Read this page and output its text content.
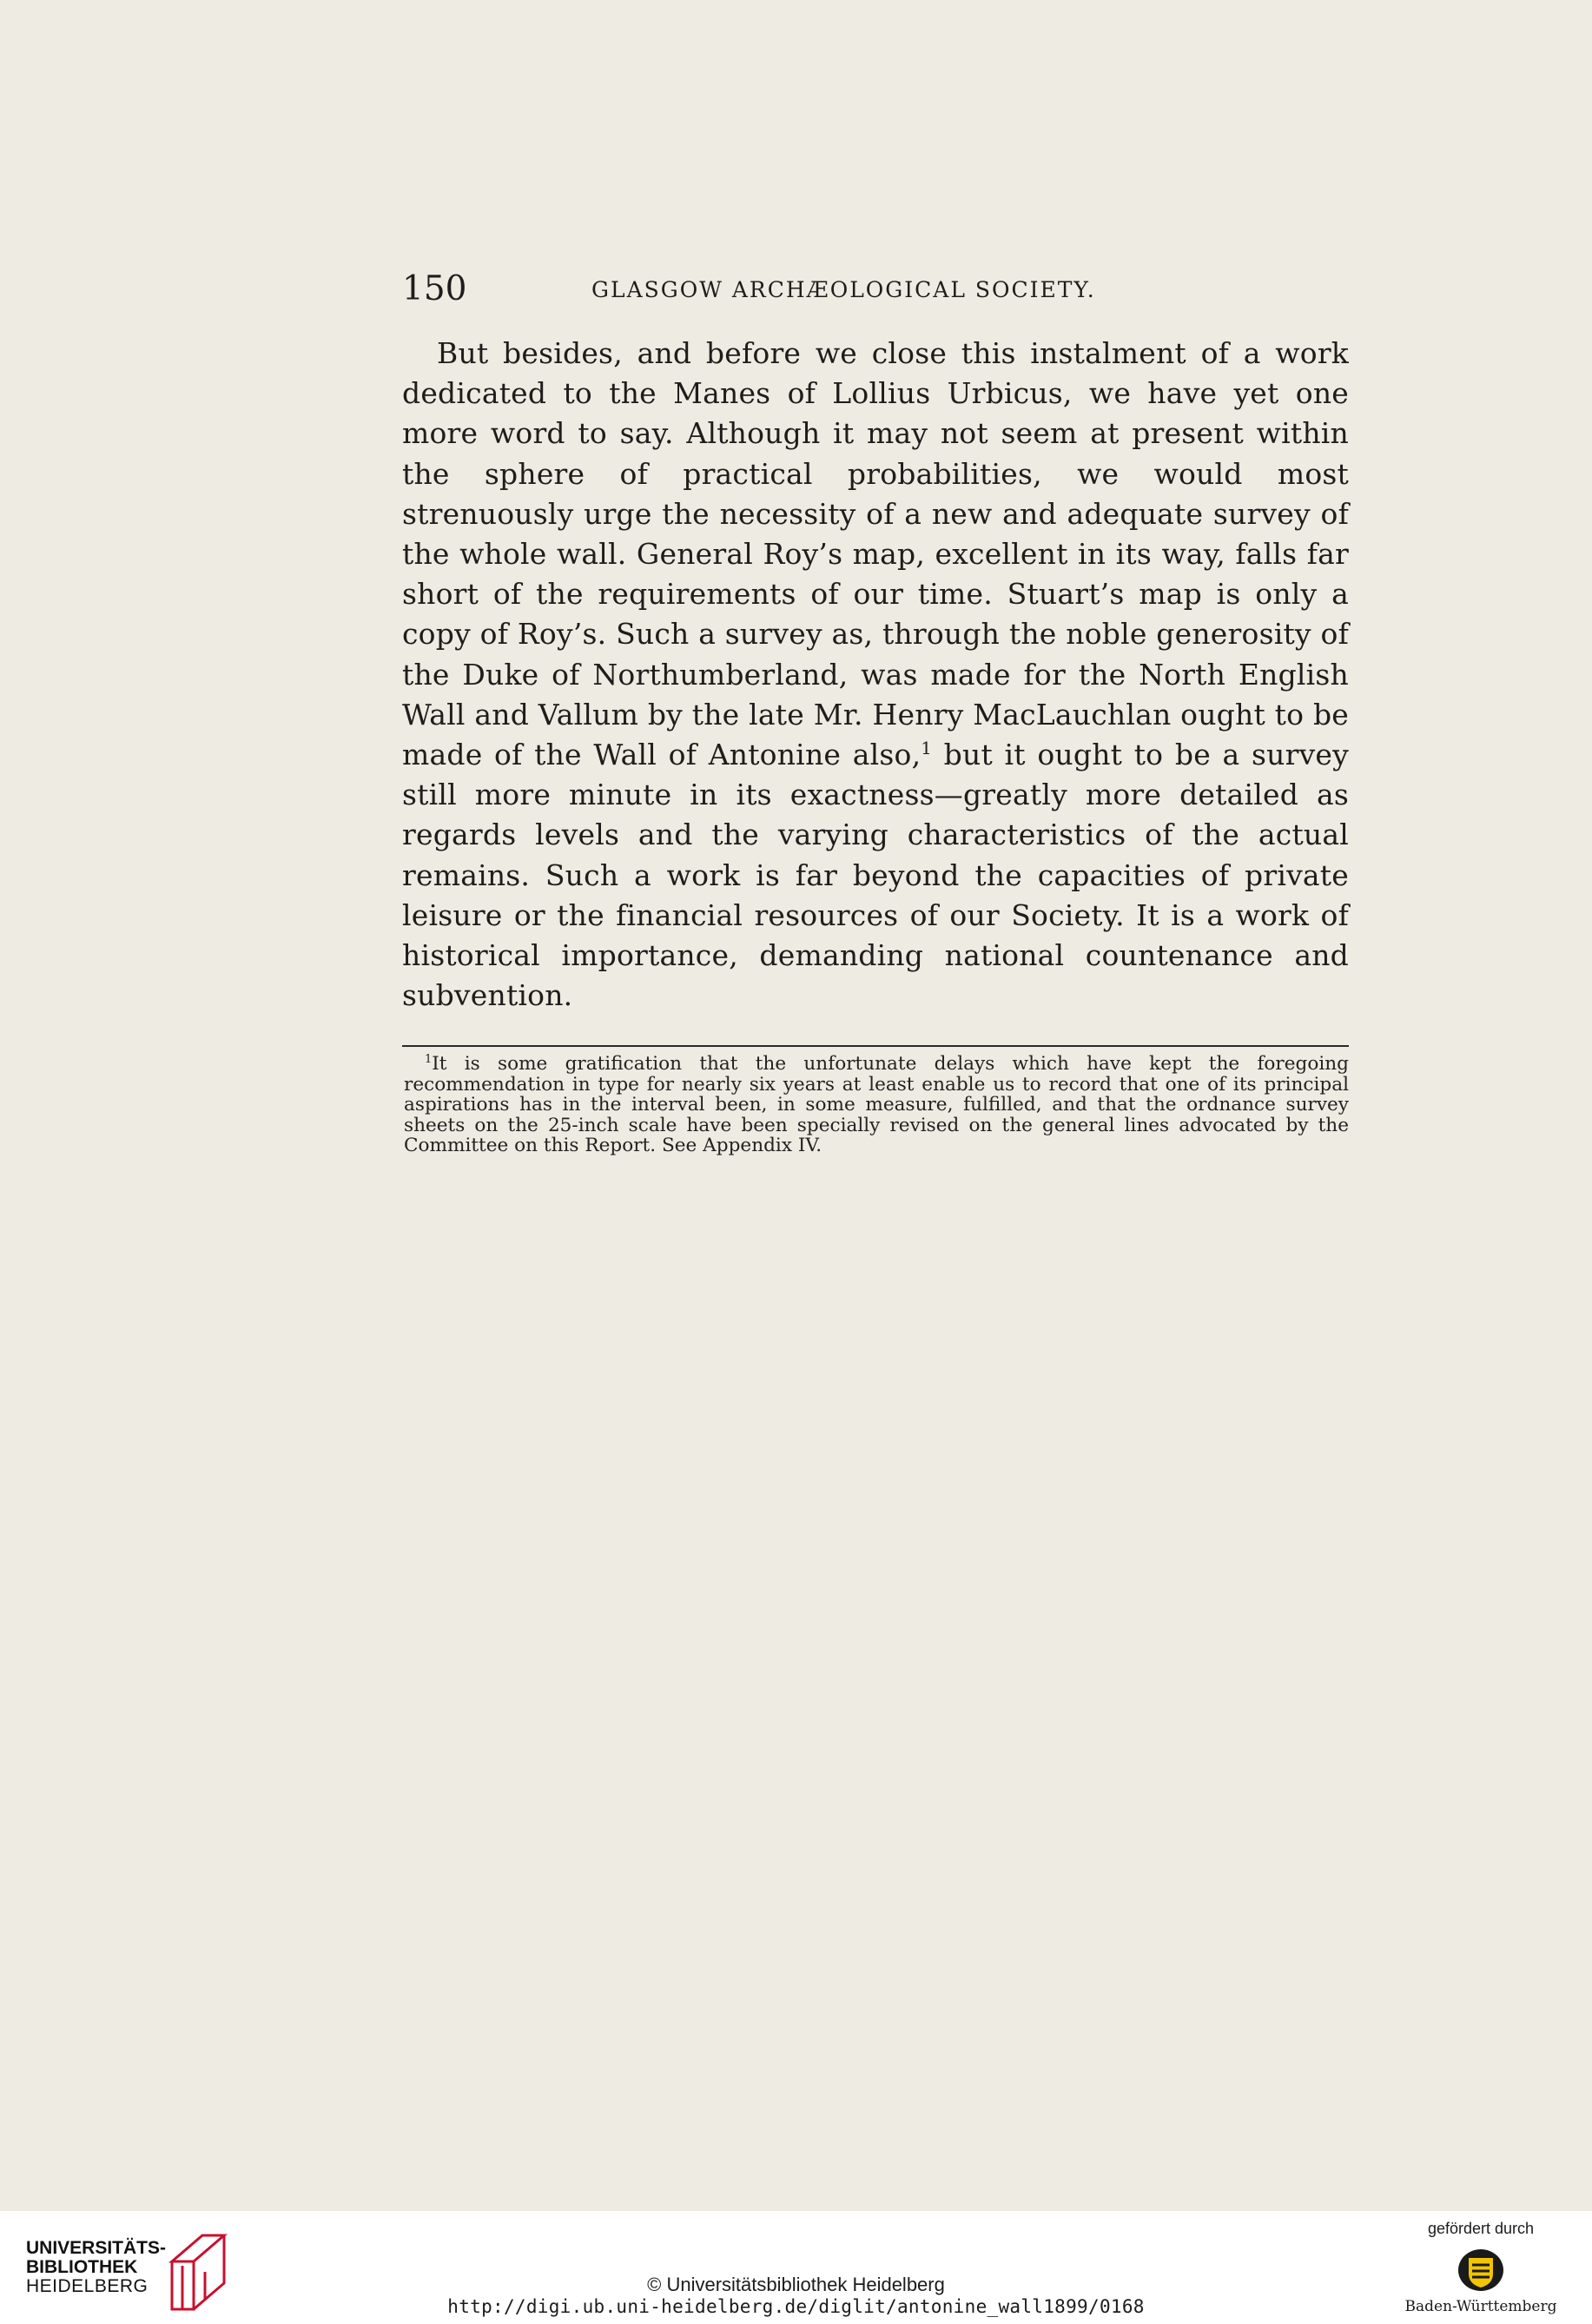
150	GLASGOW ARCHÆOLOGICAL SOCIETY.

But besides, and before we close this instalment of a work dedicated to the Manes of Lollius Urbicus, we have yet one more word to say. Although it may not seem at present within the sphere of practical probabilities, we would most strenuously urge the necessity of a new and adequate survey of the whole wall. General Roy’s map, excellent in its way, falls far short of the requirements of our time. Stuart’s map is only a copy of Roy’s. Such a survey as, through the noble generosity of the Duke of Northumberland, was made for the North English Wall and Vallum by the late Mr. Henry MacLauchlan ought to be made of the Wall of Antonine also,$^1$ but it ought to be a survey still more minute in its exactness—greatly more detailed as regards levels and the varying characteristics of the actual remains. Such a work is far beyond the capacities of private leisure or the financial resources of our Society. It is a work of historical importance, demanding national countenance and subvention.

$^1$It is some gratification that the unfortunate delays which have kept the foregoing recommendation in type for nearly six years at least enable us to record that one of its principal aspirations has in the interval been, in some measure, fulfilled, and that the ordnance survey sheets on the 25-inch scale have been specially revised on the general lines advocated by the Committee on this Report. See Appendix IV.

UNIVERSITÄTS-
BIBLIOTHEK
HEIDELBERG	© Universitätsbibliothek Heidelberg
http://digi.ub.uni-heidelberg.de/diglit/antonine_wall1899/0168
gefördert durch
Baden-Württemberg
